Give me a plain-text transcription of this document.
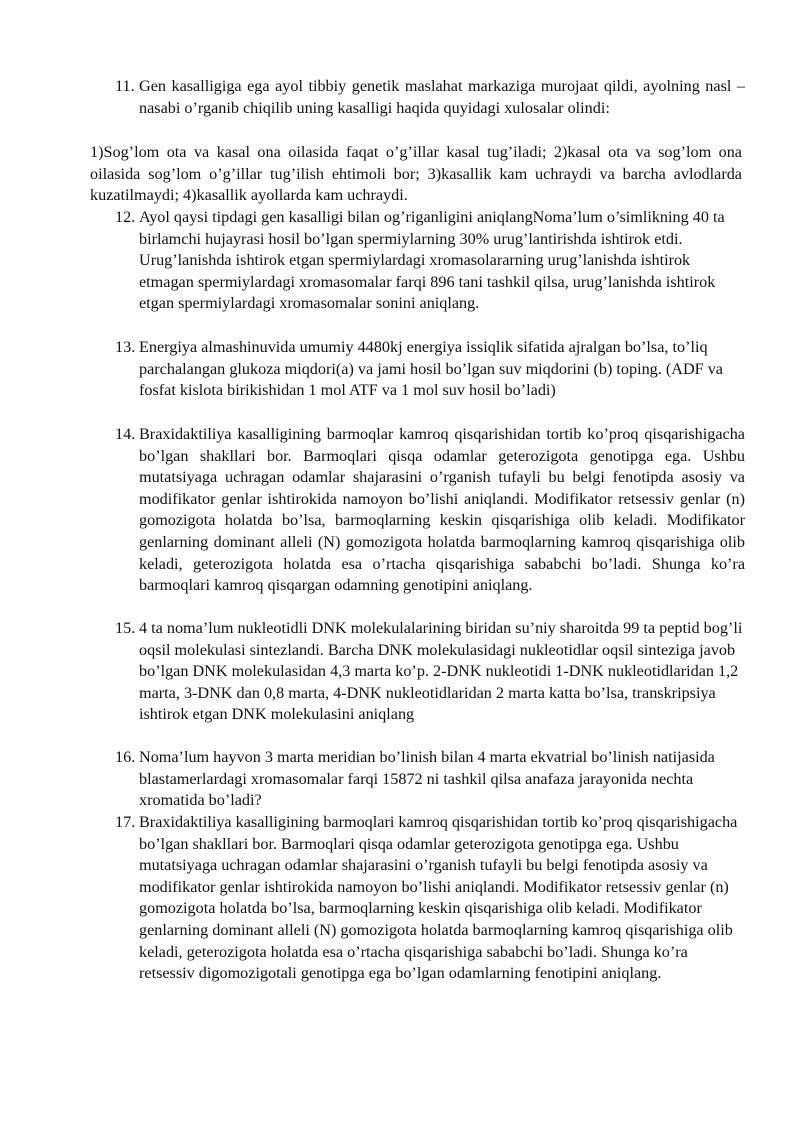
11. Gen kasalligiga ega ayol tibbiy genetik maslahat markaziga murojaat qildi, ayolning nasl – nasabi o’rganib chiqilib uning kasalligi haqida quyidagi xulosalar olindi:

1)Sog’lom ota va kasal ona oilasida faqat o’g’illar kasal tug’iladi; 2)kasal ota va sog’lom ona oilasida sog’lom o’g’illar tug’ilish ehtimoli bor; 3)kasallik kam uchraydi va barcha avlodlarda kuzatilmaydi; 4)kasallik ayollarda kam uchraydi.

12. Ayol qaysi tipdagi gen kasalligi bilan og’riganligini aniqlangNoma’lum o’simlikning 40 ta birlamchi hujayrasi hosil bo’lgan spermiylarning 30% urug’lantirishda ishtirok etdi. Urug’lanishda ishtirok etgan spermiylardagi xromasolararning urug’lanishda ishtirok etmagan spermiylardagi xromasomalar farqi 896 tani tashkil qilsa, urug’lanishda ishtirok etgan spermiylardagi xromasomalar sonini aniqlang.
13. Energiya almashinuvida umumiy 4480kj energiya issiqlik sifatida ajralgan bo’lsa, to’liq parchalangan glukoza miqdori(a) va jami hosil bo’lgan suv miqdorini (b) toping. (ADF va fosfat kislota birikishidan 1 mol ATF va 1 mol suv hosil bo’ladi)
14. Braxidaktiliya kasalligining barmoqlar kamroq qisqarishidan tortib ko’proq qisqarishigacha bo’lgan shakllari bor. Barmoqlari qisqa odamlar geterozigota genotipga ega. Ushbu mutatsiyaga uchragan odamlar shajarasini o’rganish tufayli bu belgi fenotipda asosiy va modifikator genlar ishtirokida namoyon bo’lishi aniqlandi. Modifikator retsessiv genlar (n) gomozigota holatda bo’lsa, barmoqlarning keskin qisqarishiga olib keladi. Modifikator genlarning dominant alleli (N) gomozigota holatda barmoqlarning kamroq qisqarishiga olib keladi, geterozigota holatda esa o’rtacha qisqarishiga sababchi bo’ladi. Shunga ko’ra barmoqlari kamroq qisqargan odamning genotipini aniqlang.
15. 4 ta noma’lum nukleotidli DNK molekulalarining biridan su’niy sharoitda 99 ta peptid bog’li oqsil molekulasi sintezlandi. Barcha DNK molekulasidagi nukleotidlar oqsil sinteziga javob bo’lgan DNK molekulasidan 4,3 marta ko’p. 2-DNK nukleotidi 1-DNK nukleotidlaridan 1,2 marta, 3-DNK dan 0,8 marta, 4-DNK nukleotidlaridan 2 marta katta bo’lsa, transkripsiya ishtirok etgan DNK molekulasini aniqlang
16. Noma’lum hayvon 3 marta meridian bo’linish bilan 4 marta ekvatrial bo’linish natijasida blastamerlardagi xromasomalar farqi 15872 ni tashkil qilsa anafaza jarayonida nechta xromatida bo’ladi?
17. Braxidaktiliya kasalligining barmoqlari kamroq qisqarishidan tortib ko’proq qisqarishigacha bo’lgan shakllari bor. Barmoqlari qisqa odamlar geterozigota genotipga ega. Ushbu mutatsiyaga uchragan odamlar shajarasini o’rganish tufayli bu belgi fenotipda asosiy va modifikator genlar ishtirokida namoyon bo’lishi aniqlandi. Modifikator retsessiv genlar (n) gomozigota holatda bo’lsa, barmoqlarning keskin qisqarishiga olib keladi. Modifikator genlarning dominant alleli (N) gomozigota holatda barmoqlarning kamroq qisqarishiga olib keladi, geterozigota holatda esa o’rtacha qisqarishiga sababchi bo’ladi. Shunga ko’ra retsessiv digomozigotali genotipga ega bo’lgan odamlarning fenotipini aniqlang.
